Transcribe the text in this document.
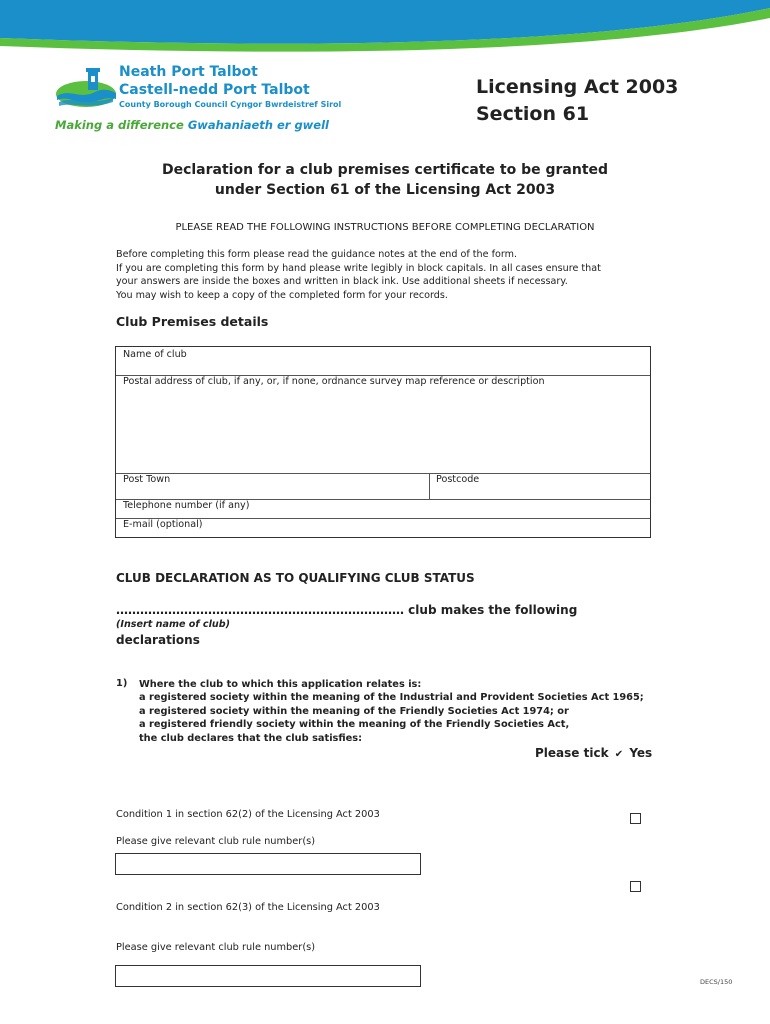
Neath Port Talbot
Castell-nedd Port Talbot
County Borough Council Cyngor Bwrdeistref Sirol
Making a difference Gwahaniaeth er gwell
Licensing Act 2003
Section 61
Declaration for a club premises certificate to be granted
under Section 61 of the Licensing Act 2003
PLEASE READ THE FOLLOWING INSTRUCTIONS BEFORE COMPLETING DECLARATION
Before completing this form please read the guidance notes at the end of the form.
If you are completing this form by hand please write legibly in block capitals. In all cases ensure that
your answers are inside the boxes and written in black ink. Use additional sheets if necessary.
You may wish to keep a copy of the completed form for your records.
Club Premises details
Name of club
Postal address of club, if any, or, if none, ordnance survey map reference or description
Post Town	Postcode
Telephone number (if any)
E-mail (optional)
CLUB DECLARATION AS TO QUALIFYING CLUB STATUS
……………………………………………………………… club makes the following
(Insert name of club)
declarations
1) Where the club to which this application relates is:
a registered society within the meaning of the Industrial and Provident Societies Act 1965;
a registered society within the meaning of the Friendly Societies Act 1974; or
a registered friendly society within the meaning of the Friendly Societies Act,
the club declares that the club satisfies:
Please tick ✔ Yes
Condition 1 in section 62(2) of the Licensing Act 2003
Please give relevant club rule number(s)
Condition 2 in section 62(3) of the Licensing Act 2003
Please give relevant club rule number(s)
DECS/150
